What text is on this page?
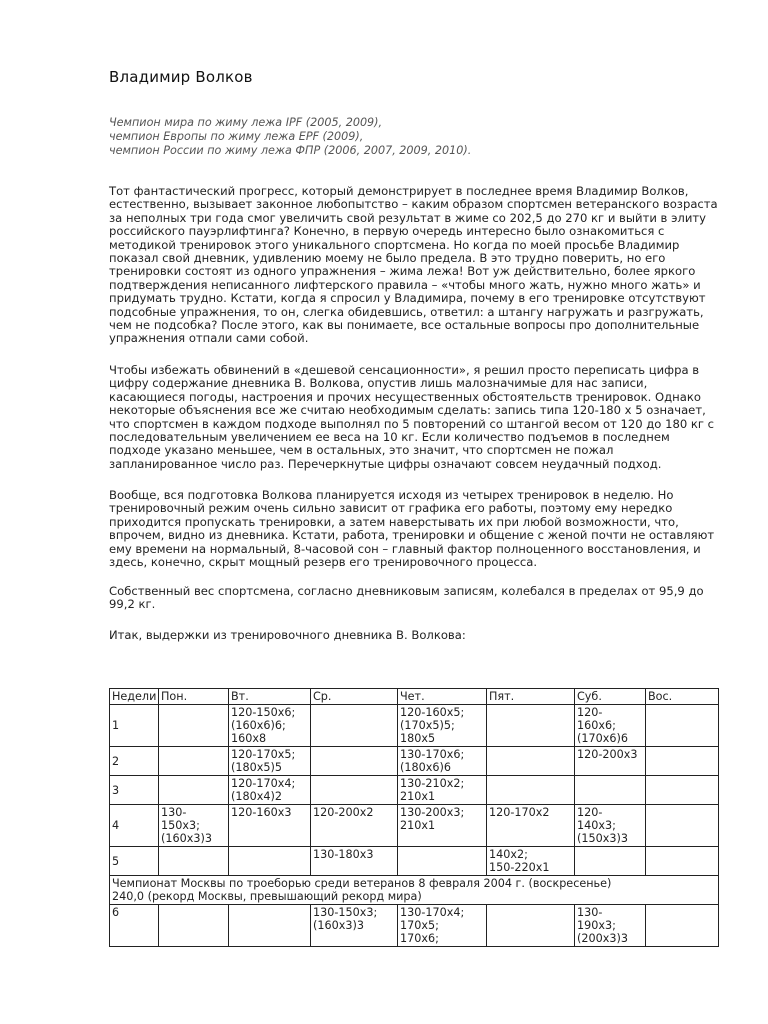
Владимир Волков
Чемпион мира по жиму лежа IPF (2005, 2009),
чемпион Европы по жиму лежа EPF (2009),
чемпион России по жиму лежа ФПР (2006, 2007, 2009, 2010).
Тот фантастический прогресс, который демонстрирует в последнее время Владимир Волков,
естественно, вызывает законное любопытство – каким образом спортсмен ветеранского возраста
за неполных три года смог увеличить свой результат в жиме со 202,5 до 270 кг и выйти в элиту
российского пауэрлифтинга? Конечно, в первую очередь интересно было ознакомиться с
методикой тренировок этого уникального спортсмена. Но когда по моей просьбе Владимир
показал свой дневник, удивлению моему не было предела. В это трудно поверить, но его
тренировки состоят из одного упражнения – жима лежа! Вот уж действительно, более яркого
подтверждения неписанного лифтерского правила – «чтобы много жать, нужно много жать» и
придумать трудно. Кстати, когда я спросил у Владимира, почему в его тренировке отсутствуют
подсобные упражнения, то он, слегка обидевшись, ответил: а штангу нагружать и разгружать,
чем не подсобка? После этого, как вы понимаете, все остальные вопросы про дополнительные
упражнения отпали сами собой.
Чтобы избежать обвинений в «дешевой сенсационности», я решил просто переписать цифра в
цифру содержание дневника В. Волкова, опустив лишь малозначимые для нас записи,
касающиеся погоды, настроения и прочих несущественных обстоятельств тренировок. Однако
некоторые объяснения все же считаю необходимым сделать: запись типа 120-180 x 5 означает,
что спортсмен в каждом подходе выполнял по 5 повторений со штангой весом от 120 до 180 кг с
последовательным увеличением ее веса на 10 кг. Если количество подъемов в последнем
подходе указано меньшее, чем в остальных, это значит, что спортсмен не пожал
запланированное число раз. Перечеркнутые цифры означают совсем неудачный подход.
Вообще, вся подготовка Волкова планируется исходя из четырех тренировок в неделю. Но
тренировочный режим очень сильно зависит от графика его работы, поэтому ему нередко
приходится пропускать тренировки, а затем наверстывать их при любой возможности, что,
впрочем, видно из дневника. Кстати, работа, тренировки и общение с женой почти не оставляют
ему времени на нормальный, 8-часовой сон – главный фактор полноценного восстановления, и
здесь, конечно, скрыт мощный резерв его тренировочного процесса.
Собственный вес спортсмена, согласно дневниковым записям, колебался в пределах от 95,9 до
99,2 кг.
Итак, выдержки из тренировочного дневника В. Волкова:
Недели	Пон.	Вт.	Ср.	Чет.	Пят.	Суб.	Вос.

1		120-150x6;
(160x6)6;
160x8		120-160x5;
(170x5)5;
180x5		120-
160x6;
(170x6)6	

2		120-170x5;
(180x5)5		130-170x6;
(180x6)6		120-200x3	

3		120-170x4;
(180x4)2		130-210x2;
210x1			

4	130-
150x3;
(160x3)3	120-160x3	120-200x2	130-200x3;
210x1	120-170x2	120-
140x3;
(150x3)3	

5			130-180x3		140x2;
150-220x1		

Чемпионат Москвы по троеборью среди ветеранов 8 февраля 2004 г. (воскресенье)
240,0 (рекорд Москвы, превышающий рекорд мира)							

6			130-150x3;
(160x3)3	130-170x4;
170x5;
170x6;		130-
190x3;
(200x3)3	
